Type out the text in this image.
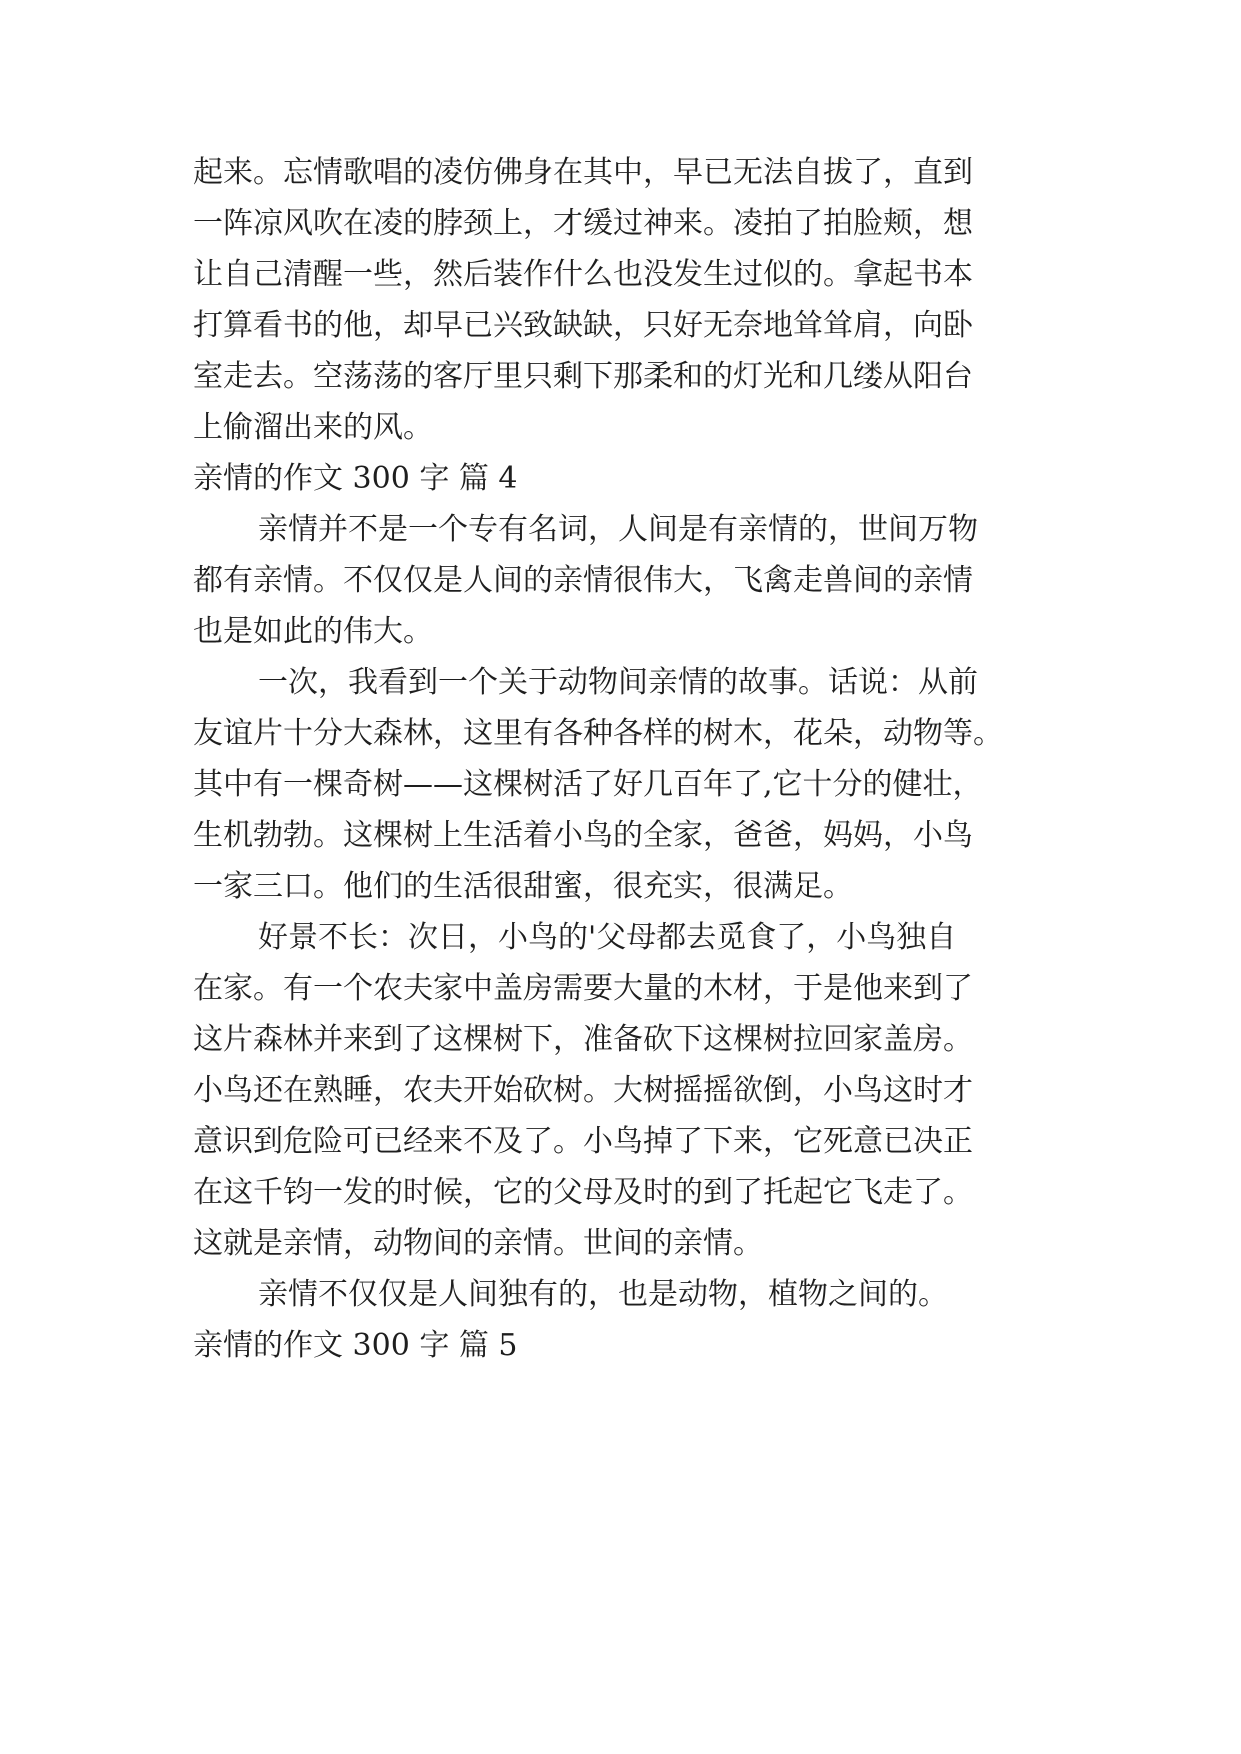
起来。忘情歌唱的凌仿佛身在其中，早已无法自拔了，直到

一阵凉风吹在凌的脖颈上，才缓过神来。凌拍了拍脸颊，想

让自己清醒一些，然后装作什么也没发生过似的。拿起书本

打算看书的他，却早已兴致缺缺，只好无奈地耸耸肩，向卧

室走去。空荡荡的客厅里只剩下那柔和的灯光和几缕从阳台

上偷溜出来的风。

亲情的作文 300 字 篇 4

亲情并不是一个专有名词，人间是有亲情的，世间万物

都有亲情。不仅仅是人间的亲情很伟大，飞禽走兽间的亲情

也是如此的伟大。

一次，我看到一个关于动物间亲情的故事。话说：从前

友谊片十分大森林，这里有各种各样的树木，花朵，动物等。

其中有一棵奇树——这棵树活了好几百年了,它十分的健壮，

生机勃勃。这棵树上生活着小鸟的全家，爸爸，妈妈，小鸟

一家三口。他们的生活很甜蜜，很充实，很满足。

好景不长：次日，小鸟的'父母都去觅食了，小鸟独自

在家。有一个农夫家中盖房需要大量的木材，于是他来到了

这片森林并来到了这棵树下，准备砍下这棵树拉回家盖房。

小鸟还在熟睡，农夫开始砍树。大树摇摇欲倒，小鸟这时才

意识到危险可已经来不及了。小鸟掉了下来，它死意已决正

在这千钧一发的时候，它的父母及时的到了托起它飞走了。

这就是亲情，动物间的亲情。世间的亲情。

亲情不仅仅是人间独有的，也是动物，植物之间的。

亲情的作文 300 字 篇 5
